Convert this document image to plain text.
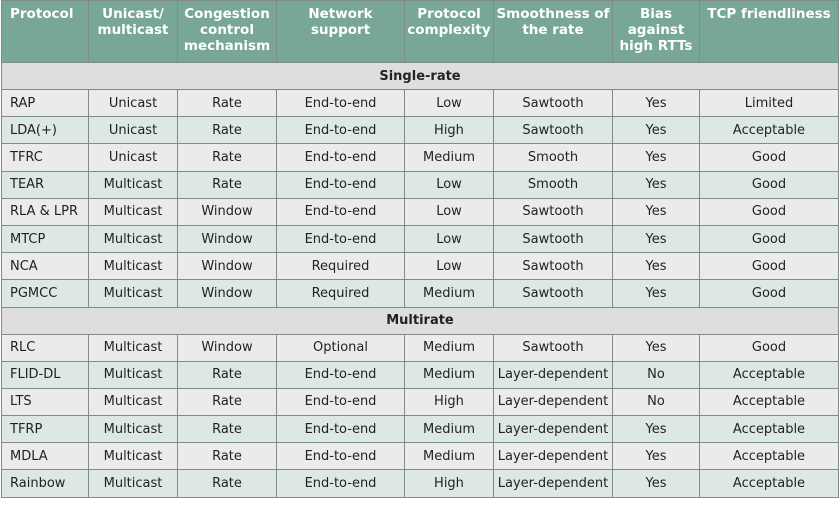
Protocol	Unicast/ multicast	Congestion control mechanism	Network support	Protocol complexity	Smoothness of the rate	Bias against high RTTs	TCP friendliness
Single-rate							
RAP	Unicast	Rate	End-to-end	Low	Sawtooth	Yes	Limited
LDA(+)	Unicast	Rate	End-to-end	High	Sawtooth	Yes	Acceptable
TFRC	Unicast	Rate	End-to-end	Medium	Smooth	Yes	Good
TEAR	Multicast	Rate	End-to-end	Low	Smooth	Yes	Good
RLA & LPR	Multicast	Window	End-to-end	Low	Sawtooth	Yes	Good
MTCP	Multicast	Window	End-to-end	Low	Sawtooth	Yes	Good
NCA	Multicast	Window	Required	Low	Sawtooth	Yes	Good
PGMCC	Multicast	Window	Required	Medium	Sawtooth	Yes	Good
Multirate							
RLC	Multicast	Window	Optional	Medium	Sawtooth	Yes	Good
FLID-DL	Multicast	Rate	End-to-end	Medium	Layer-dependent	No	Acceptable
LTS	Multicast	Rate	End-to-end	High	Layer-dependent	No	Acceptable
TFRP	Multicast	Rate	End-to-end	Medium	Layer-dependent	Yes	Acceptable
MDLA	Multicast	Rate	End-to-end	Medium	Layer-dependent	Yes	Acceptable
Rainbow	Multicast	Rate	End-to-end	High	Layer-dependent	Yes	Acceptable
